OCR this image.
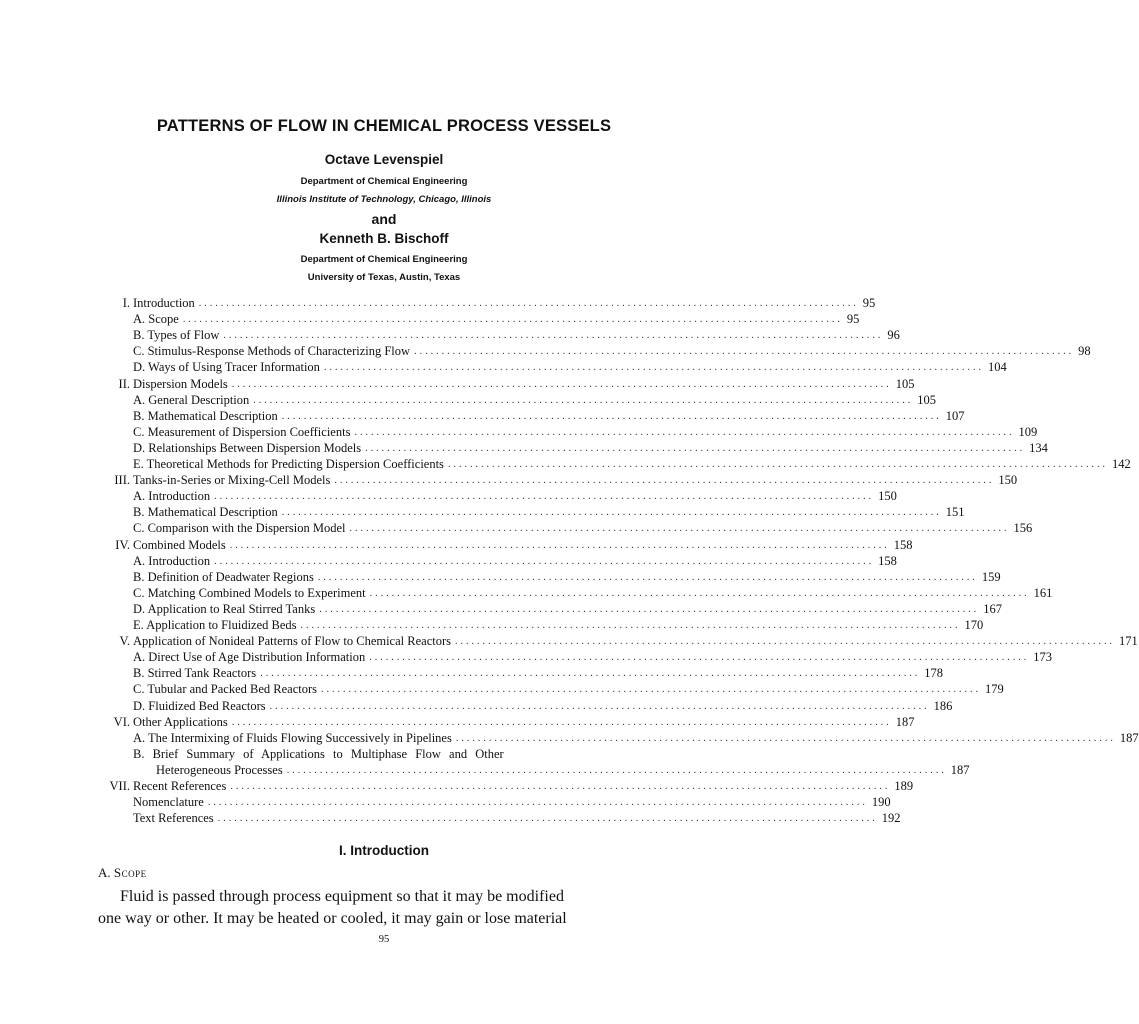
PATTERNS OF FLOW IN CHEMICAL PROCESS VESSELS
Octave Levenspiel
Department of Chemical Engineering
Illinois Institute of Technology, Chicago, Illinois
and
Kenneth B. Bischoff
Department of Chemical Engineering
University of Texas, Austin, Texas
I. Introduction ........................................................................................................................ 95
A. Scope ........................................................................................................................ 95
B. Types of Flow ........................................................................................................................ 96
C. Stimulus-Response Methods of Characterizing Flow ........................................................................................................................ 98
D. Ways of Using Tracer Information ........................................................................................................................ 104
II. Dispersion Models ........................................................................................................................ 105
A. General Description ........................................................................................................................ 105
B. Mathematical Description ........................................................................................................................ 107
C. Measurement of Dispersion Coefficients ........................................................................................................................ 109
D. Relationships Between Dispersion Models ........................................................................................................................ 134
E. Theoretical Methods for Predicting Dispersion Coefficients ........................................................................................................................ 142
III. Tanks-in-Series or Mixing-Cell Models ........................................................................................................................ 150
A. Introduction ........................................................................................................................ 150
B. Mathematical Description ........................................................................................................................ 151
C. Comparison with the Dispersion Model ........................................................................................................................ 156
IV. Combined Models ........................................................................................................................ 158
A. Introduction ........................................................................................................................ 158
B. Definition of Deadwater Regions ........................................................................................................................ 159
C. Matching Combined Models to Experiment ........................................................................................................................ 161
D. Application to Real Stirred Tanks ........................................................................................................................ 167
E. Application to Fluidized Beds ........................................................................................................................ 170
V. Application of Nonideal Patterns of Flow to Chemical Reactors ........................................................................................................................ 171
A. Direct Use of Age Distribution Information ........................................................................................................................ 173
B. Stirred Tank Reactors ........................................................................................................................ 178
C. Tubular and Packed Bed Reactors ........................................................................................................................ 179
D. Fluidized Bed Reactors ........................................................................................................................ 186
VI. Other Applications ........................................................................................................................ 187
A. The Intermixing of Fluids Flowing Successively in Pipelines ........................................................................................................................ 187
B. Brief Summary of Applications to Multiphase Flow and Other
Heterogeneous Processes ........................................................................................................................ 187
VII. Recent References ........................................................................................................................ 189
Nomenclature ........................................................................................................................ 190
Text References ........................................................................................................................ 192
I. Introduction
A. Scope
Fluid is passed through process equipment so that it may be modified
one way or other. It may be heated or cooled, it may gain or lose material
95
